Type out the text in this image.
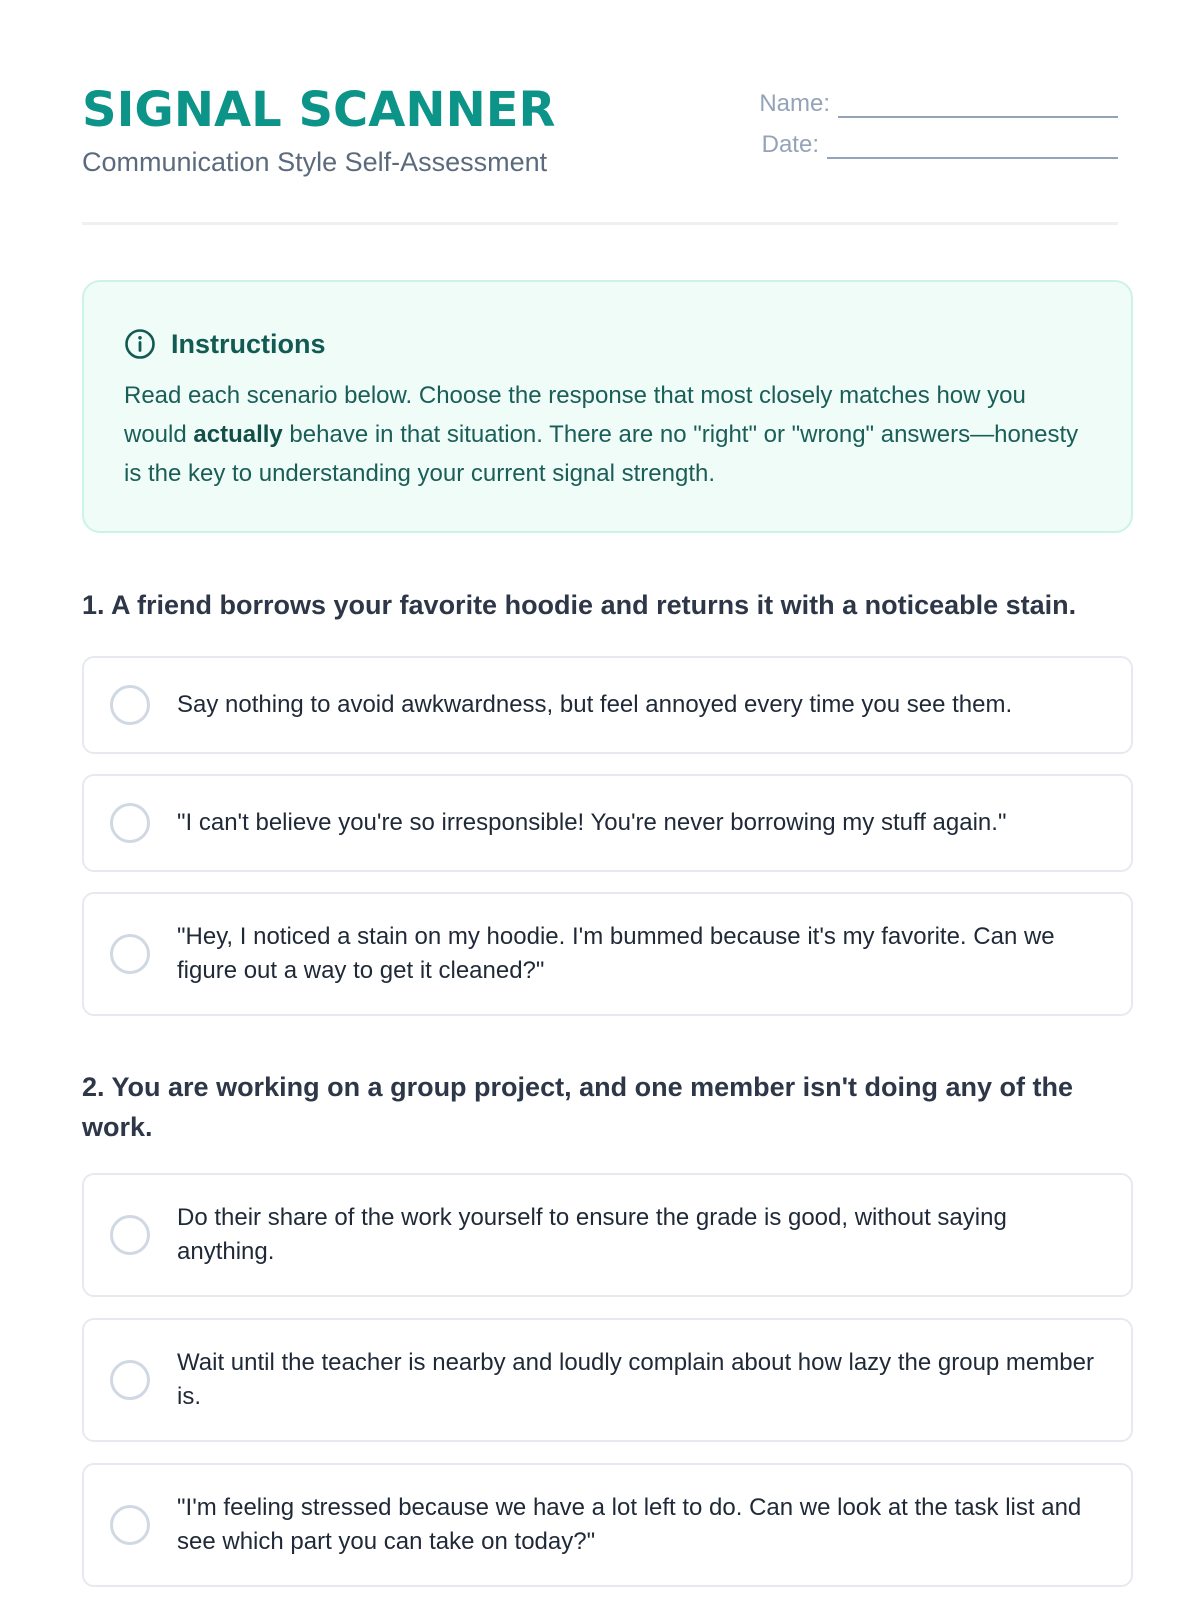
SIGNAL SCANNER
Communication Style Self-Assessment
Name:
Date:
Instructions

Read each scenario below. Choose the response that most closely matches how you would actually behave in that situation. There are no "right" or "wrong" answers—honesty is the key to understanding your current signal strength.

1. A friend borrows your favorite hoodie and returns it with a noticeable stain.
Say nothing to avoid awkwardness, but feel annoyed every time you see them.
"I can't believe you're so irresponsible! You're never borrowing my stuff again."
"Hey, I noticed a stain on my hoodie. I'm bummed because it's my favorite. Can we figure out a way to get it cleaned?"
2. You are working on a group project, and one member isn't doing any of the work.
Do their share of the work yourself to ensure the grade is good, without saying anything.
Wait until the teacher is nearby and loudly complain about how lazy the group member is.
"I'm feeling stressed because we have a lot left to do. Can we look at the task list and see which part you can take on today?"
